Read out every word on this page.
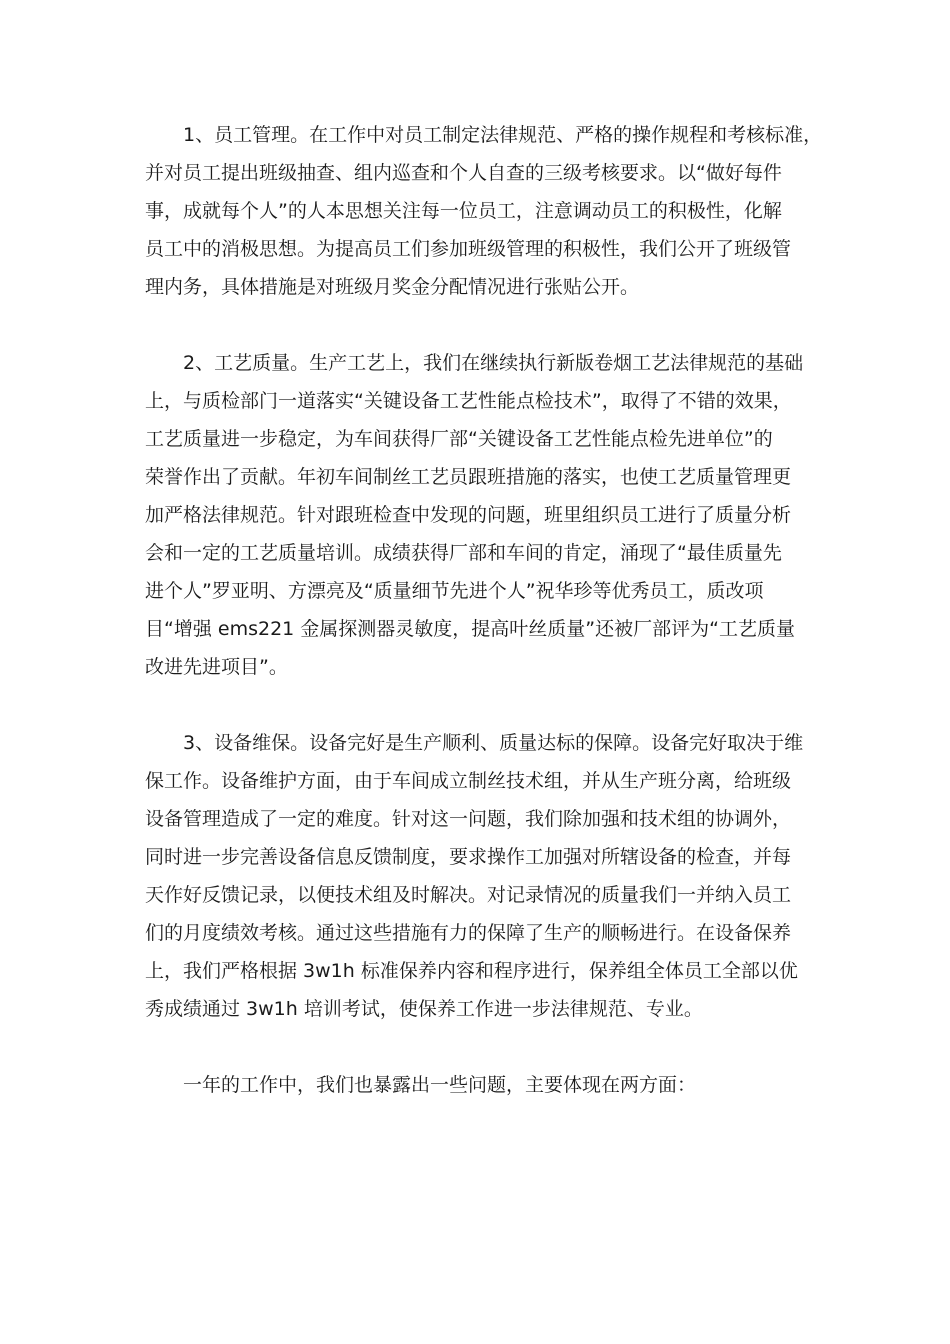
1、员工管理。在工作中对员工制定法律规范、严格的操作规程和考核标准，
并对员工提出班级抽查、组内巡查和个人自查的三级考核要求。以“做好每件
事，成就每个人”的人本思想关注每一位员工，注意调动员工的积极性，化解
员工中的消极思想。为提高员工们参加班级管理的积极性，我们公开了班级管
理内务，具体措施是对班级月奖金分配情况进行张贴公开。
2、工艺质量。生产工艺上，我们在继续执行新版卷烟工艺法律规范的基础
上，与质检部门一道落实“关键设备工艺性能点检技术”，取得了不错的效果，
工艺质量进一步稳定，为车间获得厂部“关键设备工艺性能点检先进单位”的
荣誉作出了贡献。年初车间制丝工艺员跟班措施的落实，也使工艺质量管理更
加严格法律规范。针对跟班检查中发现的问题，班里组织员工进行了质量分析
会和一定的工艺质量培训。成绩获得厂部和车间的肯定，涌现了“最佳质量先
进个人”罗亚明、方漂亮及“质量细节先进个人”祝华珍等优秀员工，质改项
目“增强 ems221 金属探测器灵敏度，提高叶丝质量”还被厂部评为“工艺质量
改进先进项目”。
3、设备维保。设备完好是生产顺利、质量达标的保障。设备完好取决于维
保工作。设备维护方面，由于车间成立制丝技术组，并从生产班分离，给班级
设备管理造成了一定的难度。针对这一问题，我们除加强和技术组的协调外，
同时进一步完善设备信息反馈制度，要求操作工加强对所辖设备的检查，并每
天作好反馈记录，以便技术组及时解决。对记录情况的质量我们一并纳入员工
们的月度绩效考核。通过这些措施有力的保障了生产的顺畅进行。在设备保养
上，我们严格根据 3w1h 标准保养内容和程序进行，保养组全体员工全部以优
秀成绩通过 3w1h 培训考试，使保养工作进一步法律规范、专业。
一年的工作中，我们也暴露出一些问题，主要体现在两方面：
